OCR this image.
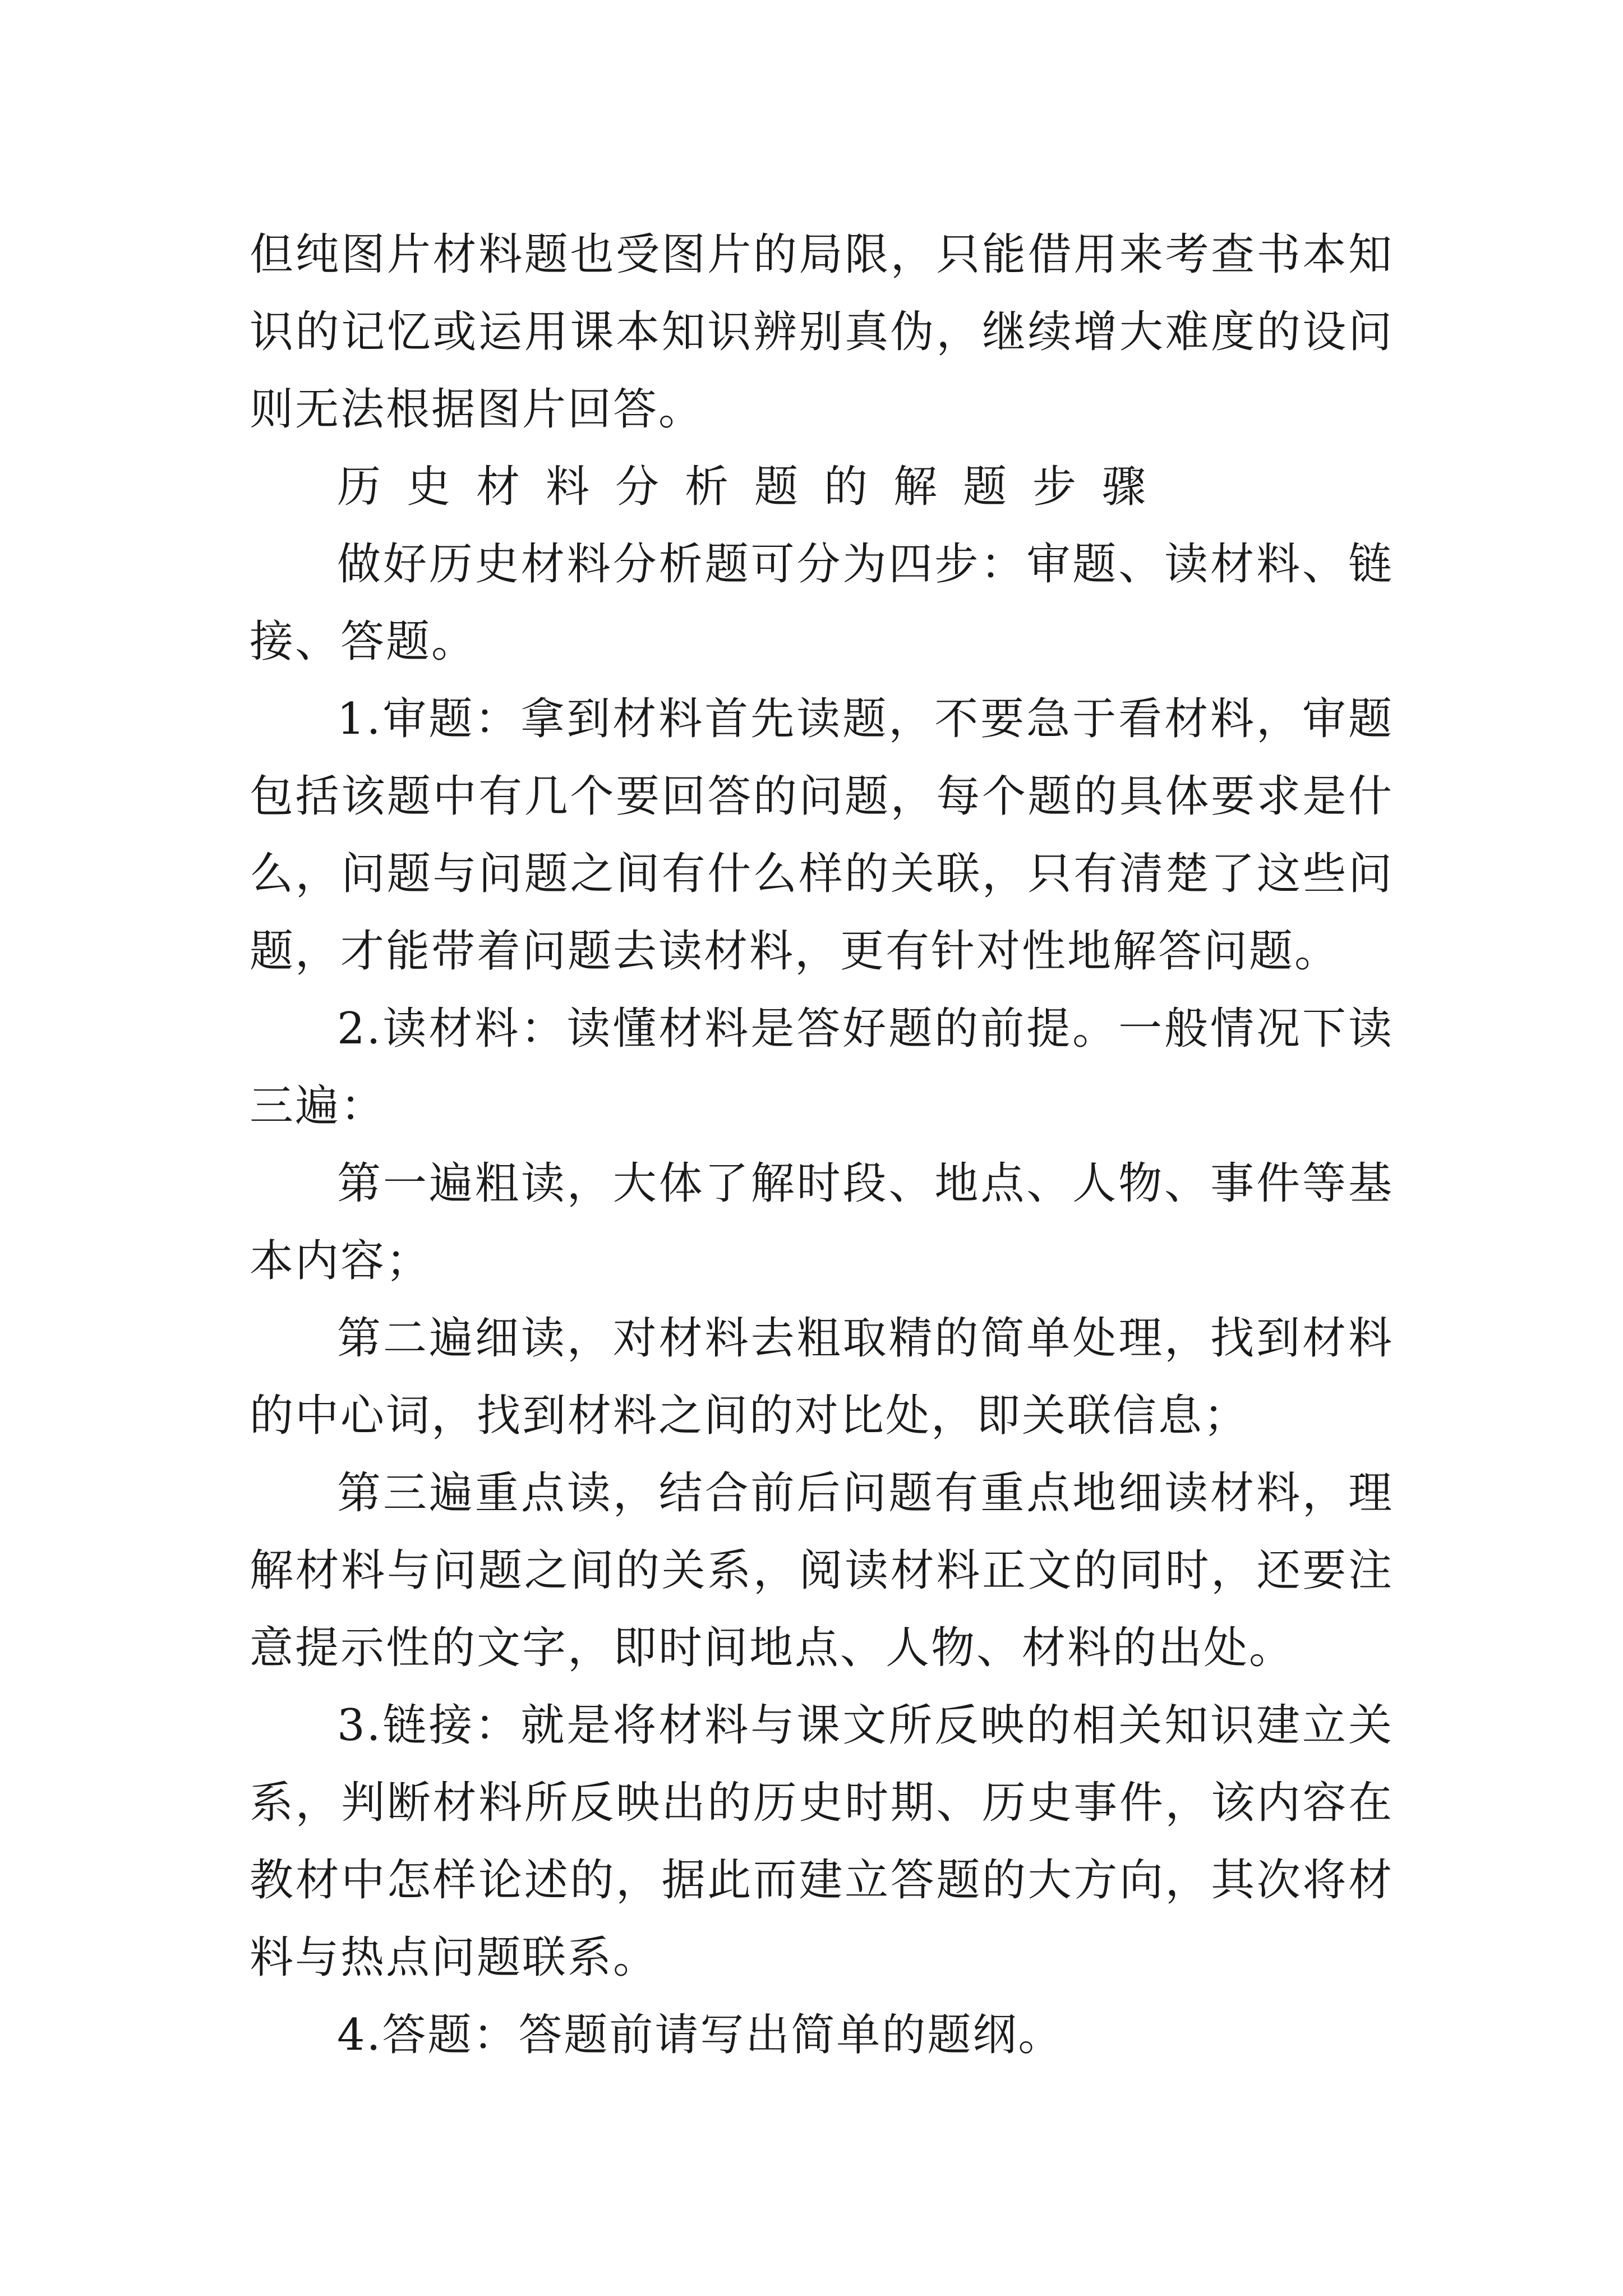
但纯图片材料题也受图片的局限，只能借用来考查书本知识的记忆或运用课本知识辨别真伪，继续增大难度的设问则无法根据图片回答。

历史材料分析题的解题步骤

做好历史材料分析题可分为四步：审题、读材料、链接、答题。

1.审题：拿到材料首先读题，不要急于看材料，审题包括该题中有几个要回答的问题，每个题的具体要求是什么，问题与问题之间有什么样的关联，只有清楚了这些问题，才能带着问题去读材料，更有针对性地解答问题。

2.读材料：读懂材料是答好题的前提。一般情况下读三遍：

第一遍粗读，大体了解时段、地点、人物、事件等基本内容；

第二遍细读，对材料去粗取精的简单处理，找到材料的中心词，找到材料之间的对比处，即关联信息；

第三遍重点读，结合前后问题有重点地细读材料，理解材料与问题之间的关系，阅读材料正文的同时，还要注意提示性的文字，即时间地点、人物、材料的出处。

3.链接：就是将材料与课文所反映的相关知识建立关系，判断材料所反映出的历史时期、历史事件，该内容在教材中怎样论述的，据此而建立答题的大方向，其次将材料与热点问题联系。

4.答题：答题前请写出简单的题纲。
